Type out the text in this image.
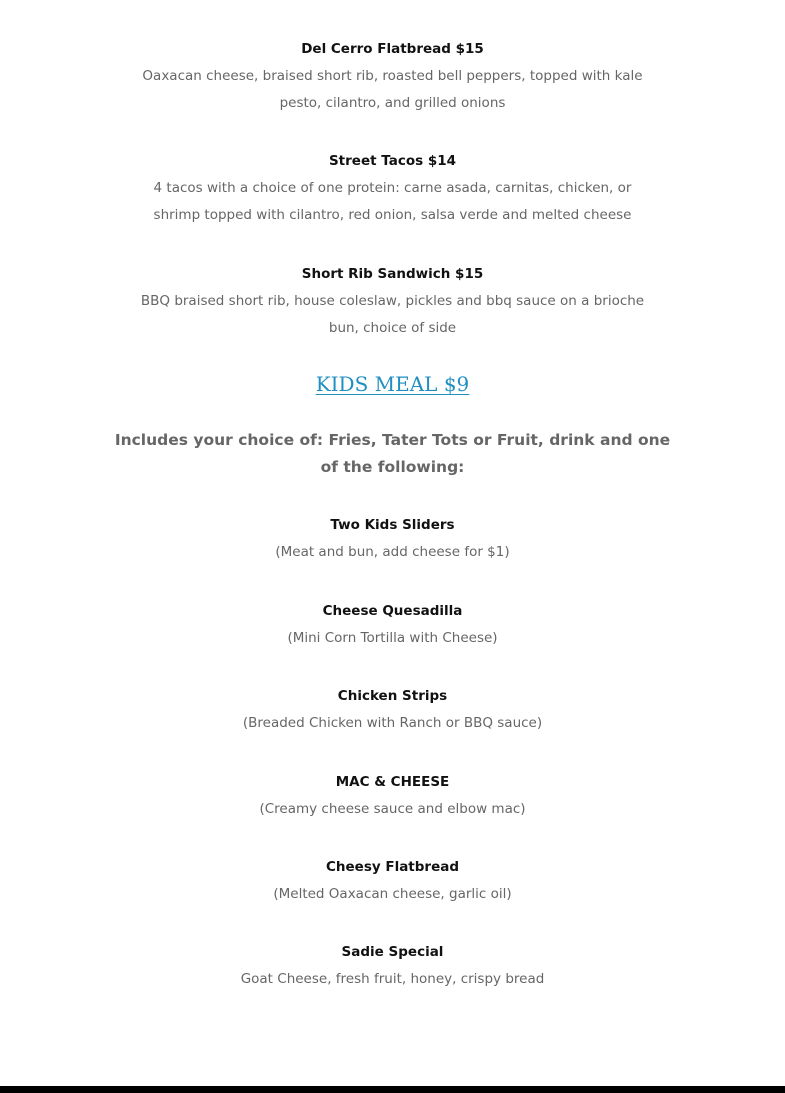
Del Cerro Flatbread $15
Oaxacan cheese, braised short rib, roasted bell peppers, topped with kale pesto, cilantro, and grilled onions
Street Tacos $14
4 tacos with a choice of one protein: carne asada, carnitas, chicken, or shrimp topped with cilantro, red onion, salsa verde and melted cheese
Short Rib Sandwich $15
BBQ braised short rib, house coleslaw, pickles and bbq sauce on a brioche bun, choice of side
KIDS MEAL $9

Includes your choice of: Fries, Tater Tots or Fruit, drink and one of the following:

Two Kids Sliders
(Meat and bun, add cheese for $1)
Cheese Quesadilla
(Mini Corn Tortilla with Cheese)
Chicken Strips
(Breaded Chicken with Ranch or BBQ sauce)
MAC & CHEESE
(Creamy cheese sauce and elbow mac)
Cheesy Flatbread
(Melted Oaxacan cheese, garlic oil)
Sadie Special
Goat Cheese, fresh fruit, honey, crispy bread
